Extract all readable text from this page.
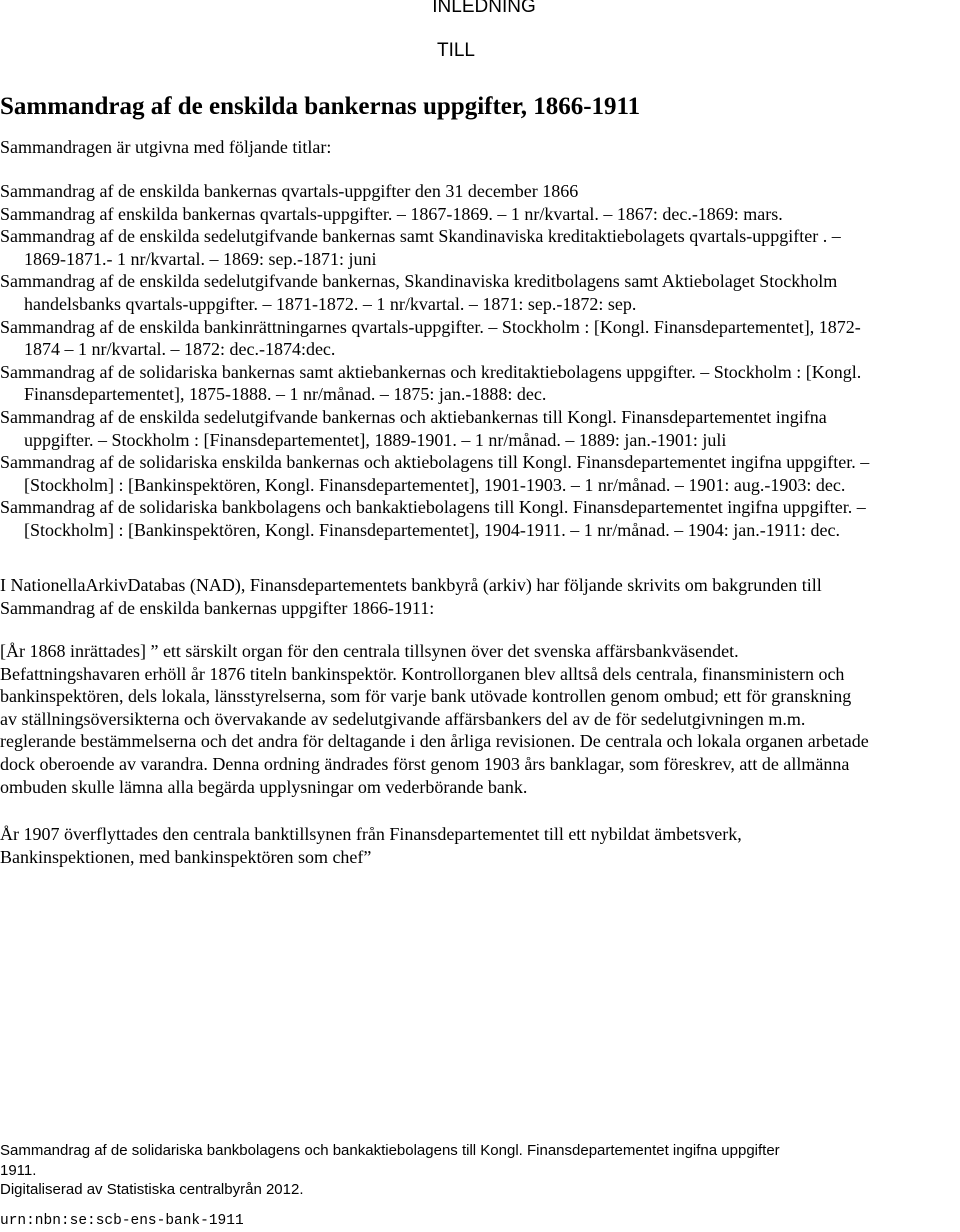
INLEDNING
TILL
Sammandrag af de enskilda bankernas uppgifter, 1866-1911
Sammandragen är utgivna med följande titlar:

Sammandrag af de enskilda bankernas qvartals-uppgifter den 31 december 1866

Sammandrag af enskilda bankernas qvartals-uppgifter. – 1867-1869. – 1 nr/kvartal. – 1867: dec.-1869: mars.

Sammandrag af de enskilda sedelutgifvande bankernas samt Skandinaviska kreditaktiebolagets qvartals-uppgifter . –
1869-1871.- 1 nr/kvartal. – 1869: sep.-1871: juni

Sammandrag af de enskilda sedelutgifvande bankernas, Skandinaviska kreditbolagens samt Aktiebolaget Stockholm
handelsbanks qvartals-uppgifter. – 1871-1872. – 1 nr/kvartal. – 1871: sep.-1872: sep.

Sammandrag af de enskilda bankinrättningarnes qvartals-uppgifter. – Stockholm : [Kongl. Finansdepartementet], 1872-
1874 – 1 nr/kvartal. – 1872: dec.-1874:dec.

Sammandrag af de solidariska bankernas samt aktiebankernas och kreditaktiebolagens uppgifter. – Stockholm : [Kongl.
Finansdepartementet], 1875-1888. – 1 nr/månad. – 1875: jan.-1888: dec.

Sammandrag af de enskilda sedelutgifvande bankernas och aktiebankernas till Kongl. Finansdepartementet ingifna
uppgifter. – Stockholm : [Finansdepartementet], 1889-1901. – 1 nr/månad. – 1889: jan.-1901: juli

Sammandrag af de solidariska enskilda bankernas och aktiebolagens till Kongl. Finansdepartementet ingifna uppgifter. –
[Stockholm] : [Bankinspektören, Kongl. Finansdepartementet], 1901-1903. – 1 nr/månad. – 1901: aug.-1903: dec.

Sammandrag af de solidariska bankbolagens och bankaktiebolagens till Kongl. Finansdepartementet ingifna uppgifter. –
[Stockholm] : [Bankinspektören, Kongl. Finansdepartementet], 1904-1911. – 1 nr/månad. – 1904: jan.-1911: dec.

I NationellaArkivDatabas (NAD), Finansdepartementets bankbyrå (arkiv) har följande skrivits om bakgrunden till
Sammandrag af de enskilda bankernas uppgifter 1866-1911:
[År 1868 inrättades] ” ett särskilt organ för den centrala tillsynen över det svenska affärsbankväsendet.
Befattningshavaren erhöll år 1876 titeln bankinspektör. Kontrollorganen blev alltså dels centrala, finansministern och
bankinspektören, dels lokala, länsstyrelserna, som för varje bank utövade kontrollen genom ombud; ett för granskning
av ställningsöversikterna och övervakande av sedelutgivande affärsbankers del av de för sedelutgivningen m.m.
reglerande bestämmelserna och det andra för deltagande i den årliga revisionen. De centrala och lokala organen arbetade
dock oberoende av varandra. Denna ordning ändrades först genom 1903 års banklagar, som föreskrev, att de allmänna
ombuden skulle lämna alla begärda upplysningar om vederbörande bank.
År 1907 överflyttades den centrala banktillsynen från Finansdepartementet till ett nybildat ämbetsverk,
Bankinspektionen, med bankinspektören som chef”
Sammandrag af de solidariska bankbolagens och bankaktiebolagens till Kongl. Finansdepartementet ingifna uppgifter
1911.
Digitaliserad av Statistiska centralbyrån 2012.
urn:nbn:se:scb-ens-bank-1911
